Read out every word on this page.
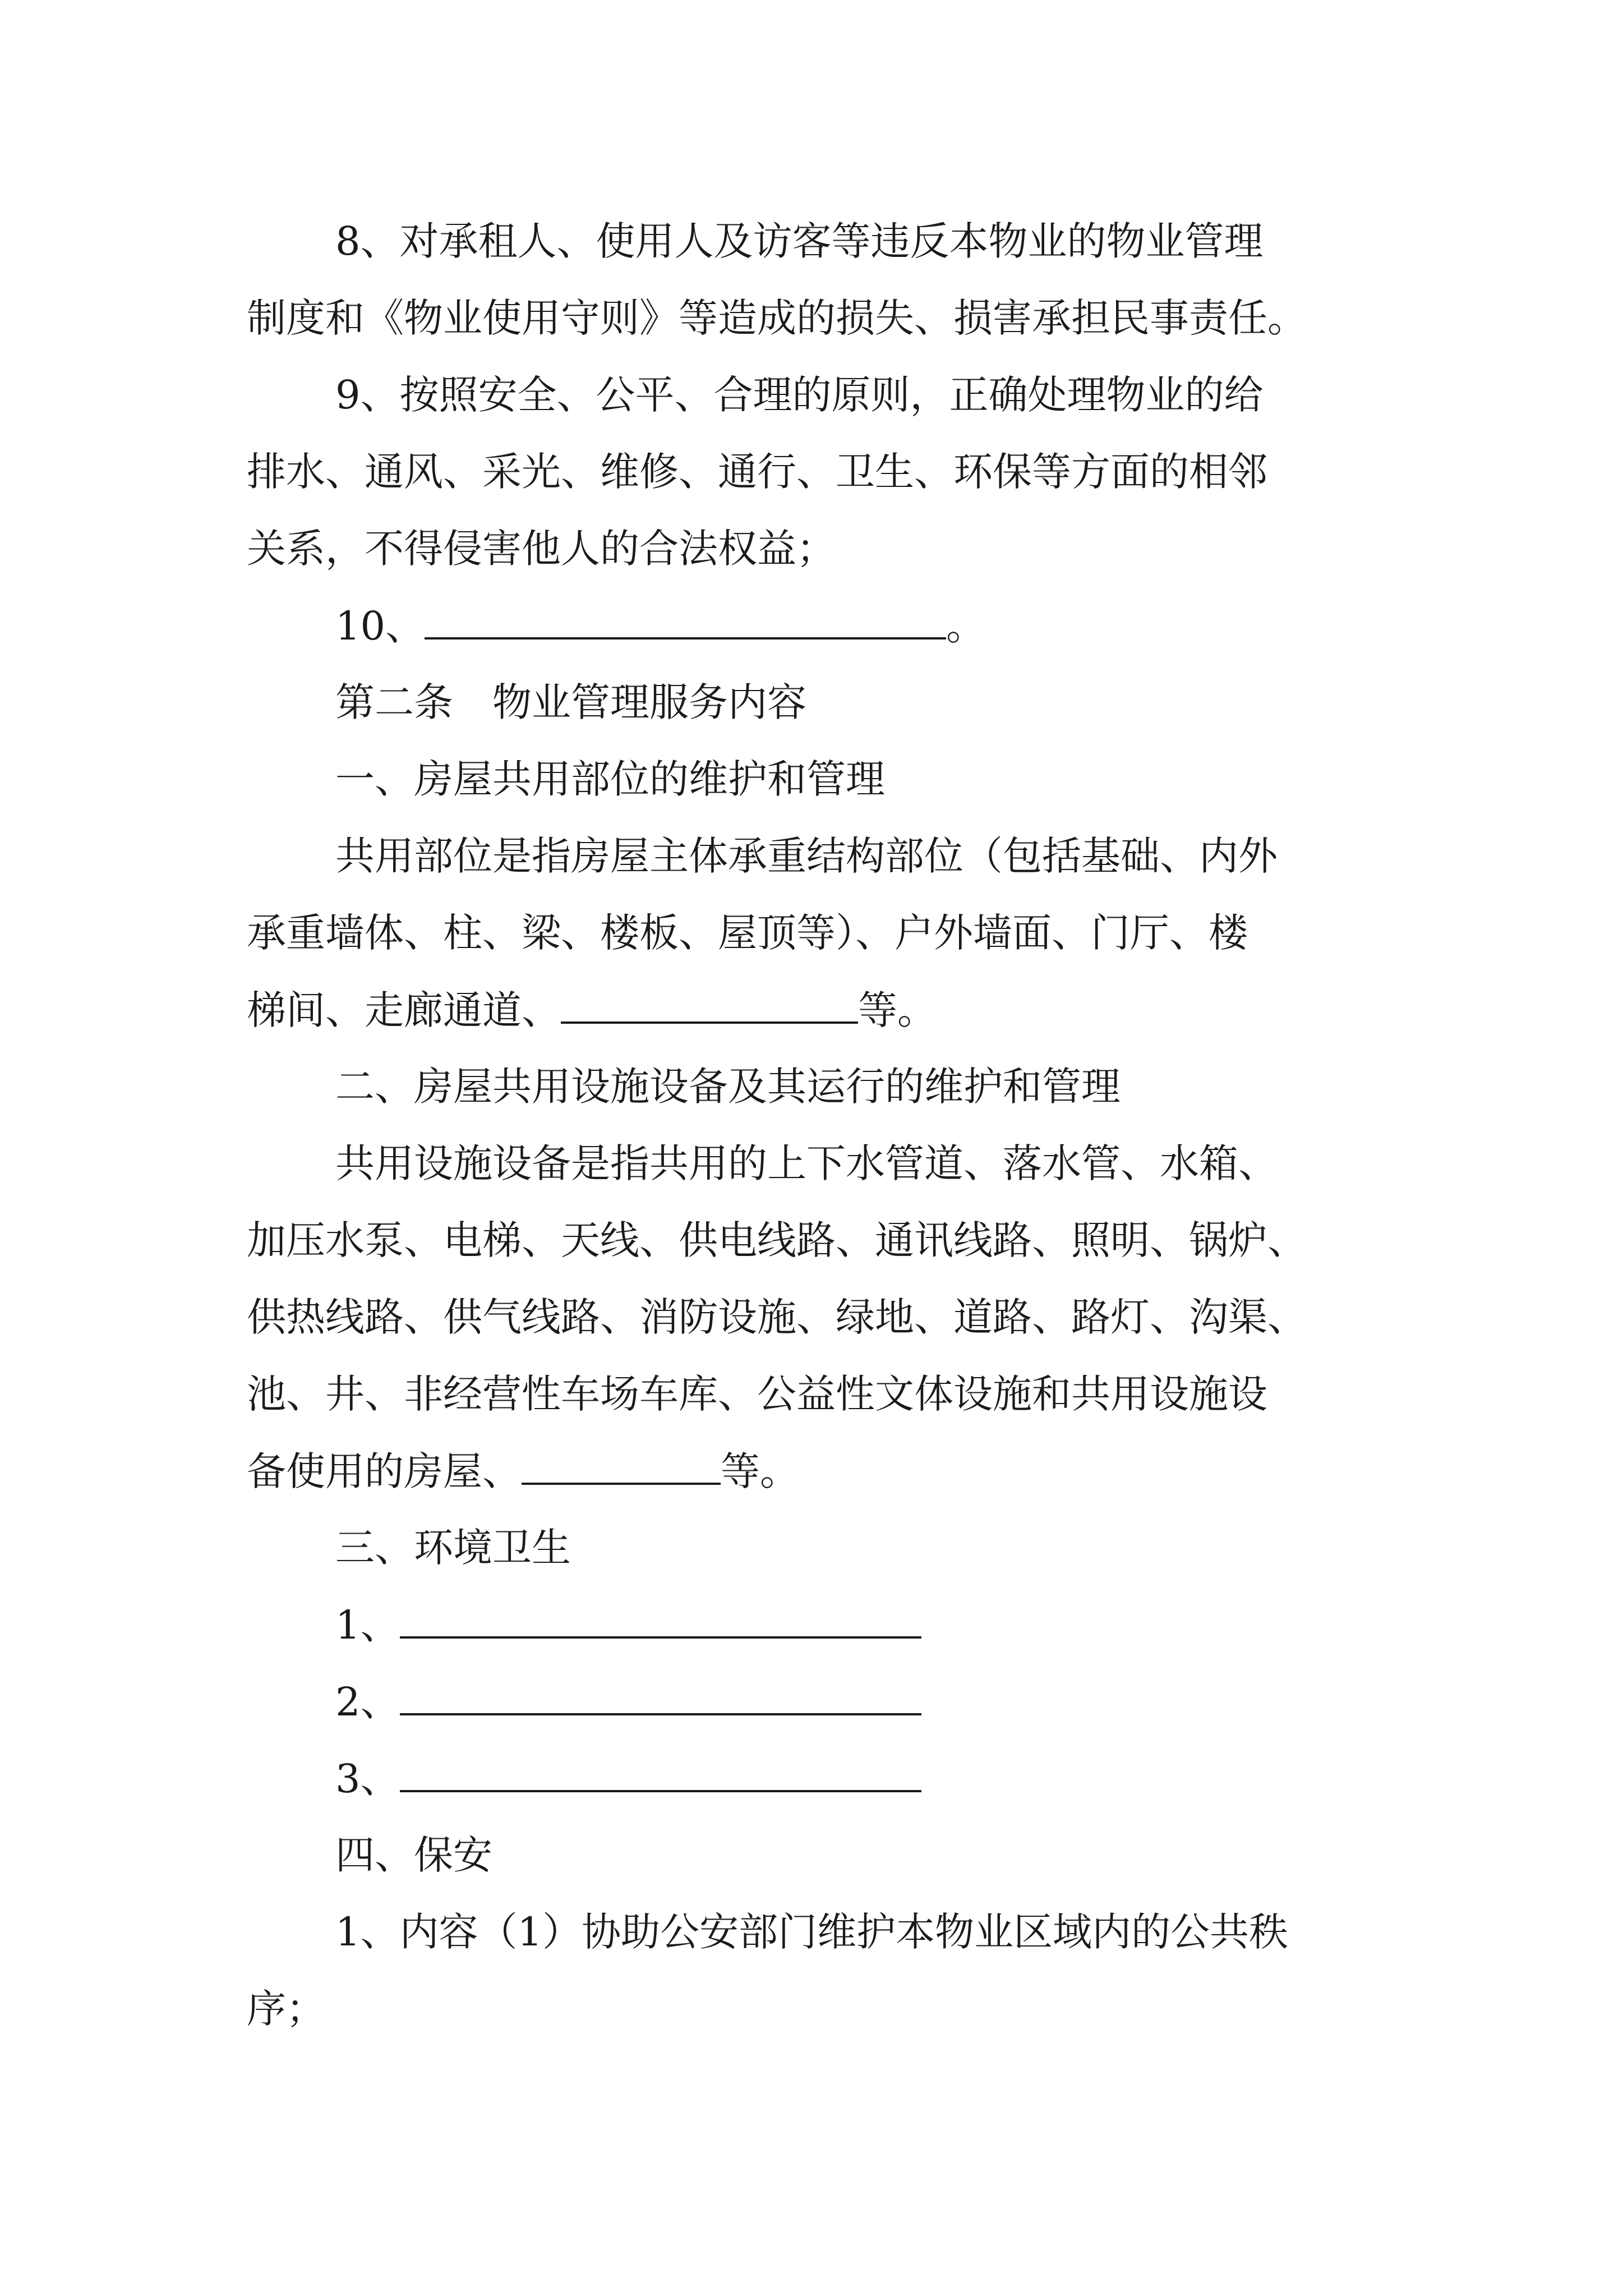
8、对承租人、使用人及访客等违反本物业的物业管理
制度和《物业使用守则》等造成的损失、损害承担民事责任。
9、按照安全、公平、合理的原则，正确处理物业的给
排水、通风、采光、维修、通行、卫生、环保等方面的相邻
关系，不得侵害他人的合法权益；
10、	。
第二条　物业管理服务内容
一、房屋共用部位的维护和管理
共用部位是指房屋主体承重结构部位（包括基础、内外
承重墙体、柱、梁、楼板、屋顶等）、户外墙面、门厅、楼
梯间、走廊通道、	等。
二、房屋共用设施设备及其运行的维护和管理
共用设施设备是指共用的上下水管道、落水管、水箱、
加压水泵、电梯、天线、供电线路、通讯线路、照明、锅炉、
供热线路、供气线路、消防设施、绿地、道路、路灯、沟渠、
池、井、非经营性车场车库、公益性文体设施和共用设施设
备使用的房屋、	等。
三、环境卫生
1、
2、
3、
四、保安
1、内容（1）协助公安部门维护本物业区域内的公共秩
序；
